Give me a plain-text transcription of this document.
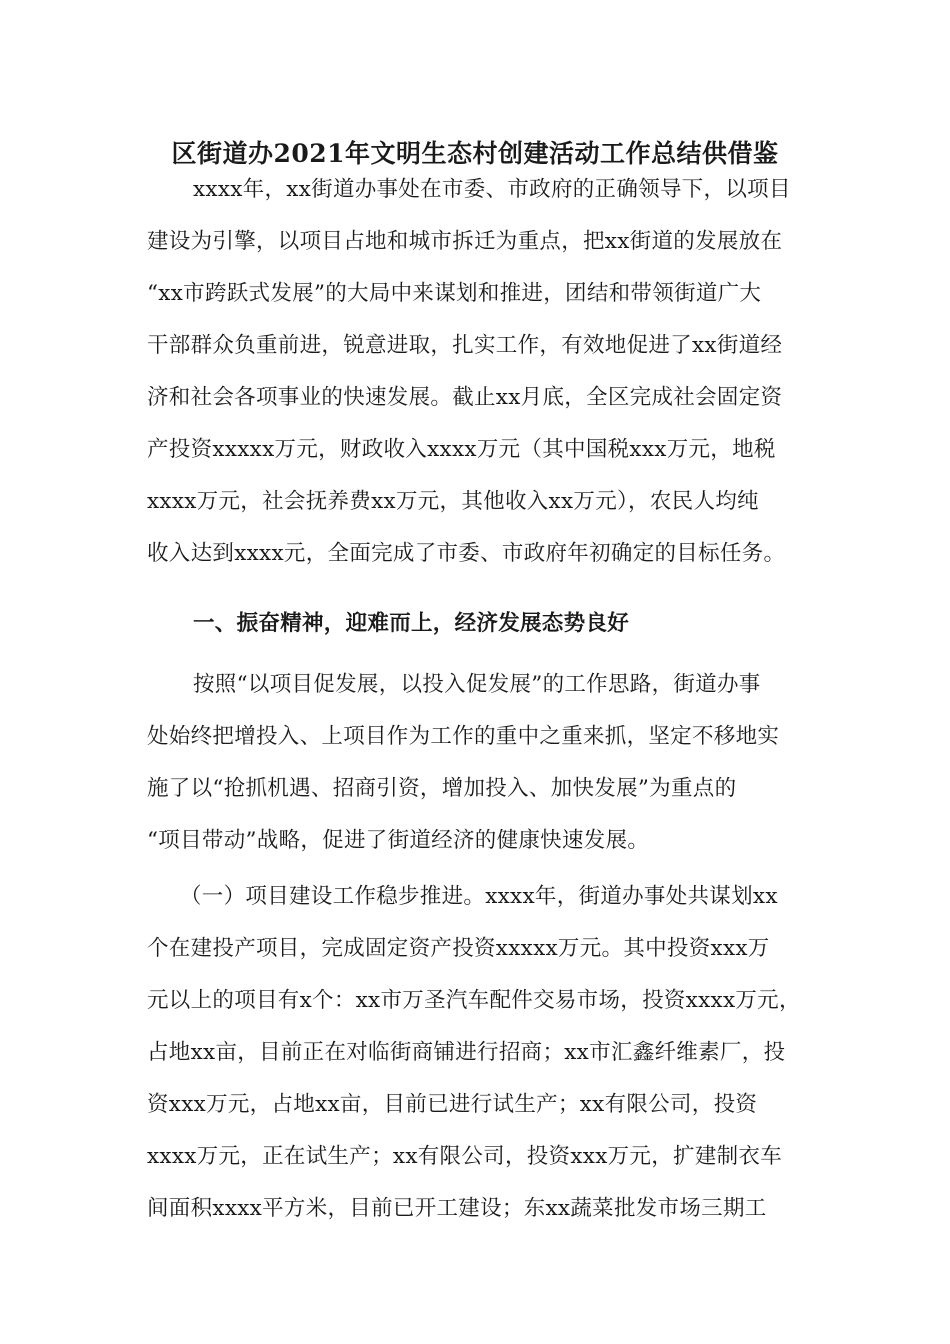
区街道办2021年文明生态村创建活动工作总结供借鉴
xxxx年，xx街道办事处在市委、市政府的正确领导下，以项目
建设为引擎，以项目占地和城市拆迁为重点，把xx街道的发展放在
“xx市跨跃式发展”的大局中来谋划和推进，团结和带领街道广大
干部群众负重前进，锐意进取，扎实工作，有效地促进了xx街道经
济和社会各项事业的快速发展。截止xx月底，全区完成社会固定资
产投资xxxxx万元，财政收入xxxx万元（其中国税xxx万元，地税
xxxx万元，社会抚养费xx万元，其他收入xx万元），农民人均纯
收入达到xxxx元，全面完成了市委、市政府年初确定的目标任务。
一、振奋精神，迎难而上，经济发展态势良好
按照“以项目促发展，以投入促发展”的工作思路，街道办事
处始终把增投入、上项目作为工作的重中之重来抓，坚定不移地实
施了以“抢抓机遇、招商引资，增加投入、加快发展”为重点的
“项目带动”战略，促进了街道经济的健康快速发展。
（一）项目建设工作稳步推进。xxxx年，街道办事处共谋划xx
个在建投产项目，完成固定资产投资xxxxx万元。其中投资xxx万
元以上的项目有x个：xx市万圣汽车配件交易市场，投资xxxx万元，
占地xx亩，目前正在对临街商铺进行招商；xx市汇鑫纤维素厂，投
资xxx万元，占地xx亩，目前已进行试生产；xx有限公司，投资
xxxx万元，正在试生产；xx有限公司，投资xxx万元，扩建制衣车
间面积xxxx平方米，目前已开工建设；东xx蔬菜批发市场三期工
